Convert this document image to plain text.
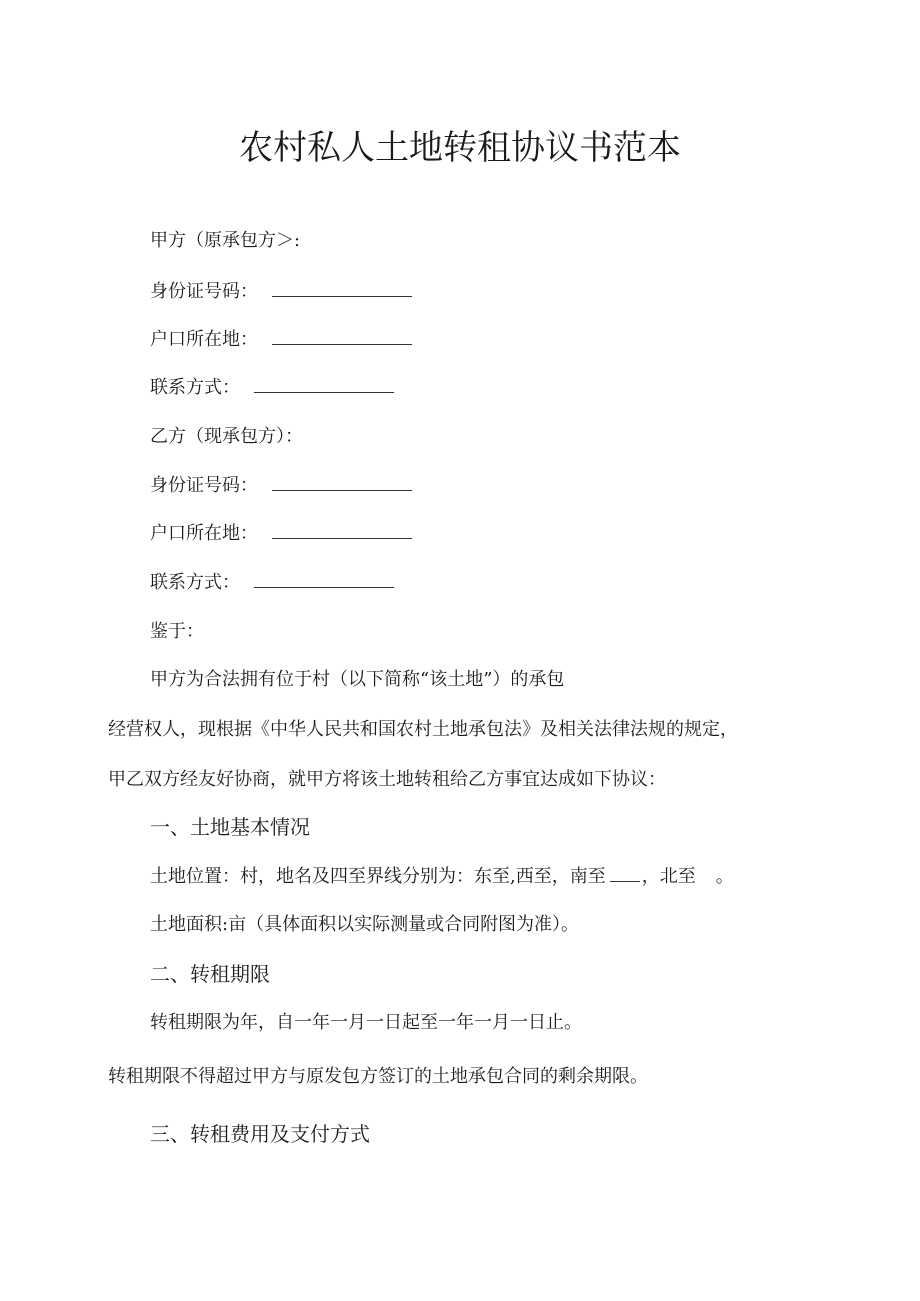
农村私人土地转租协议书范本
甲方（原承包方＞:
身份证号码：
户口所在地：
联系方式：
乙方（现承包方）：
身份证号码：
户口所在地：
联系方式：
鉴于：
甲方为合法拥有位于村（以下简称“该土地”）的承包
经营权人，现根据《中华人民共和国农村土地承包法》及相关法律法规的规定，
甲乙双方经友好协商，就甲方将该土地转租给乙方事宜达成如下协议：
一、土地基本情况
土地位置：村，地名及四至界线分别为：东至,西至，南至 ，北至 。
土地面积:亩（具体面积以实际测量或合同附图为准）。
二、转租期限
转租期限为年，自一年一月一日起至一年一月一日止。
转租期限不得超过甲方与原发包方签订的土地承包合同的剩余期限。
三、转租费用及支付方式
